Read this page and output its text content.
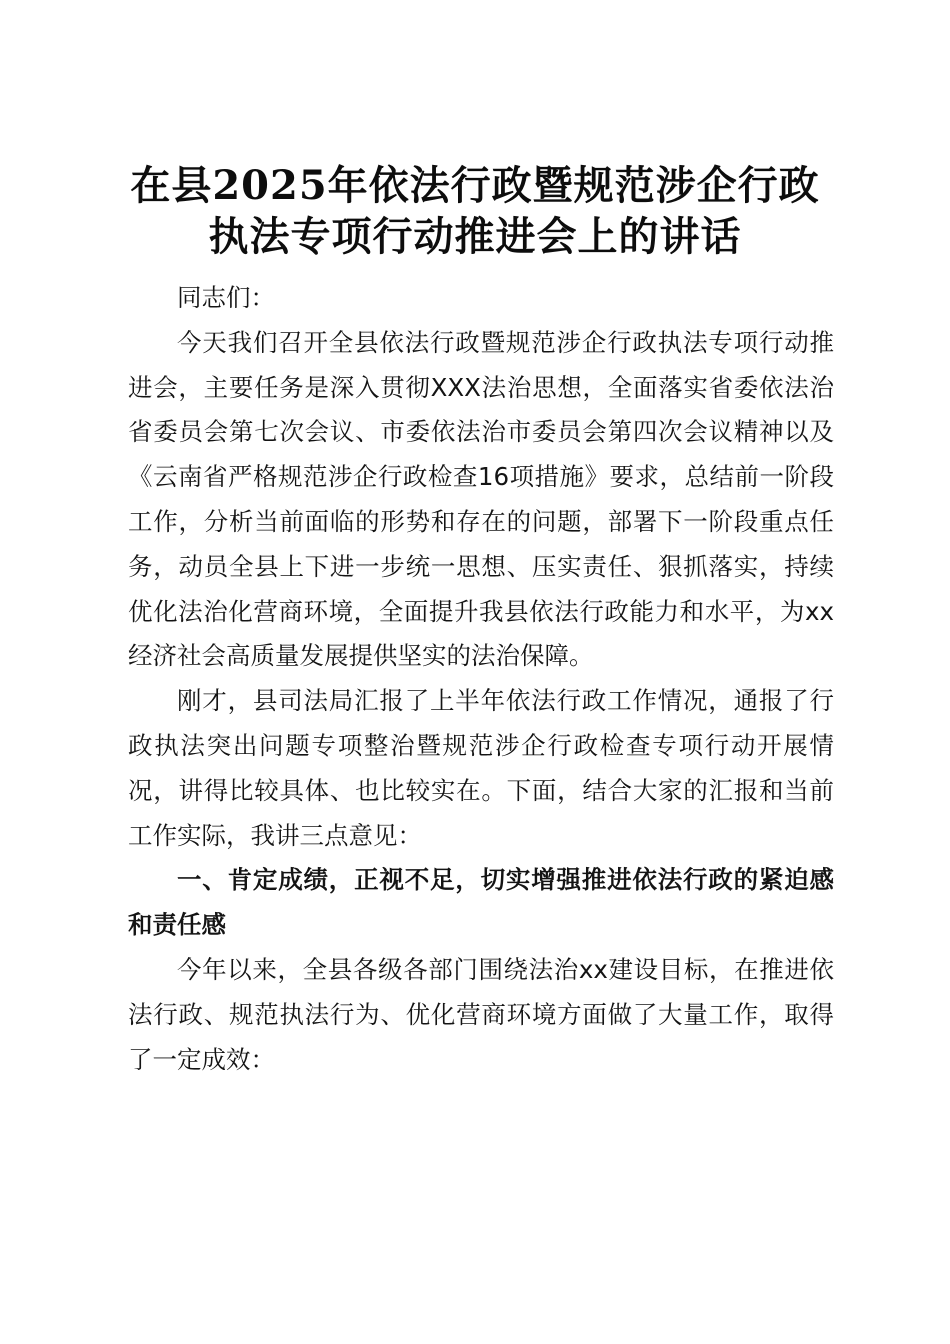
在县2025年依法行政暨规范涉企行政
执法专项行动推进会上的讲话

同志们：

今天我们召开全县依法行政暨规范涉企行政执法专项行动推进会，主要任务是深入贯彻XXX法治思想，全面落实省委依法治省委员会第七次会议、市委依法治市委员会第四次会议精神以及《云南省严格规范涉企行政检查16项措施》要求，总结前一阶段工作，分析当前面临的形势和存在的问题，部署下一阶段重点任务，动员全县上下进一步统一思想、压实责任、狠抓落实，持续优化法治化营商环境，全面提升我县依法行政能力和水平，为xx经济社会高质量发展提供坚实的法治保障。

刚才，县司法局汇报了上半年依法行政工作情况，通报了行政执法突出问题专项整治暨规范涉企行政检查专项行动开展情况，讲得比较具体、也比较实在。下面，结合大家的汇报和当前工作实际，我讲三点意见：

一、肯定成绩，正视不足，切实增强推进依法行政的紧迫感和责任感

今年以来，全县各级各部门围绕法治xx建设目标，在推进依法行政、规范执法行为、优化营商环境方面做了大量工作，取得了一定成效：
